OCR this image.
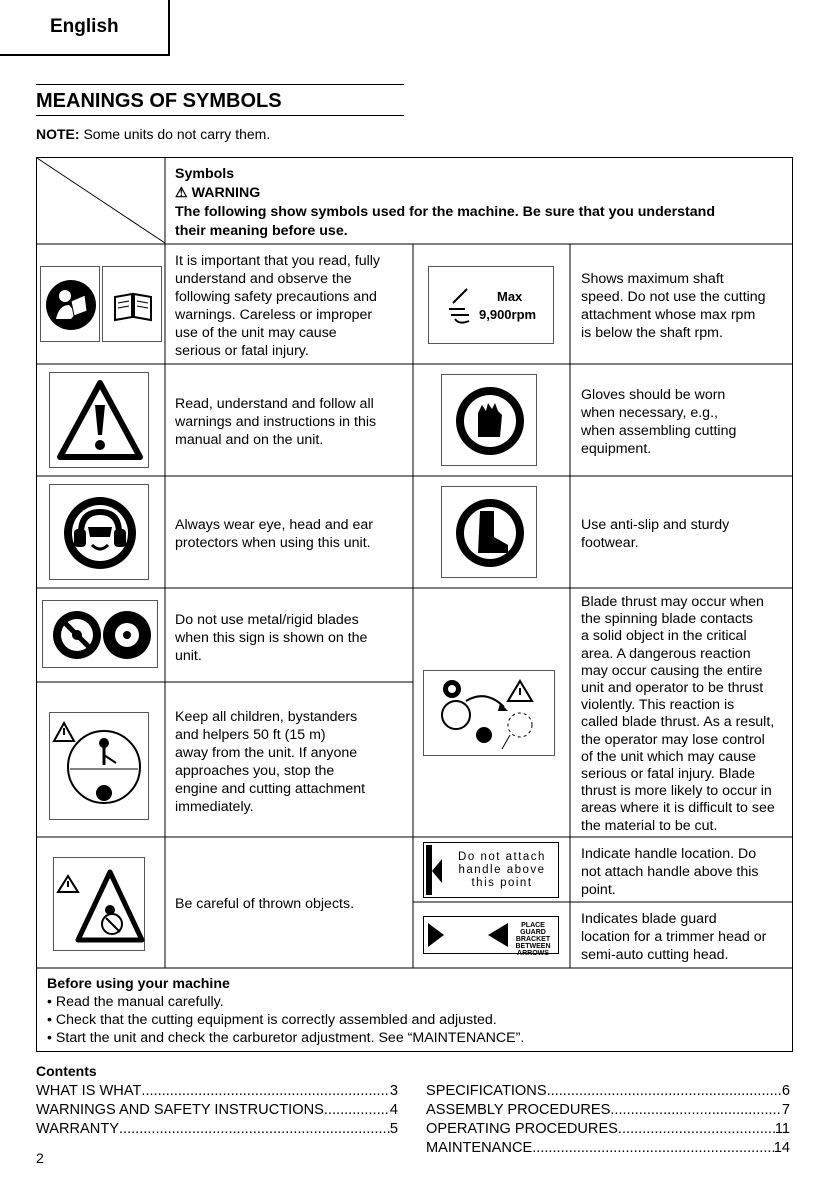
English
MEANINGS OF SYMBOLS
NOTE: Some units do not carry them.
Symbols
⚠ WARNING
The following show symbols used for the machine. Be sure that you understand
their meaning before use.
It is important that you read, fully
understand and observe the
following safety precautions and
warnings. Careless or improper
use of the unit may cause
serious or fatal injury.
Max
9,900rpm
Shows maximum shaft
speed. Do not use the cutting
attachment whose max rpm
is below the shaft rpm.
Read, understand and follow all
warnings and instructions in this
manual and on the unit.
Gloves should be worn
when necessary, e.g.,
when assembling cutting
equipment.
Always wear eye, head and ear
protectors when using this unit.
Use anti-slip and sturdy
footwear.
Do not use metal/rigid blades
when this sign is shown on the
unit.
Blade thrust may occur when
the spinning blade contacts
a solid object in the critical
area. A dangerous reaction
may occur causing the entire
unit and operator to be thrust
violently. This reaction is
called blade thrust. As a result,
the operator may lose control
of the unit which may cause
serious or fatal injury. Blade
thrust is more likely to occur in
areas where it is difficult to see
the material to be cut.
Keep all children, bystanders
and helpers 50 ft (15 m)
away from the unit. If anyone
approaches you, stop the
engine and cutting attachment
immediately.
Be careful of thrown objects.
Do not attach
handle above
this point
Indicate handle location. Do
not attach handle above this
point.
PLACE GUARD
BRACKET
BETWEEN
ARROWS
Indicates blade guard
location for a trimmer head or
semi-auto cutting head.
Before using your machine
• Read the manual carefully.
• Check that the cutting equipment is correctly assembled and adjusted.
• Start the unit and check the carburetor adjustment. See “MAINTENANCE”.
Contents
WHAT IS WHAT .....	3
WARNINGS AND SAFETY INSTRUCTIONS .....	4
WARRANTY .....	5
SPECIFICATIONS .....	6
ASSEMBLY PROCEDURES .....	7
OPERATING PROCEDURES .....	11
MAINTENANCE .....	14
2
